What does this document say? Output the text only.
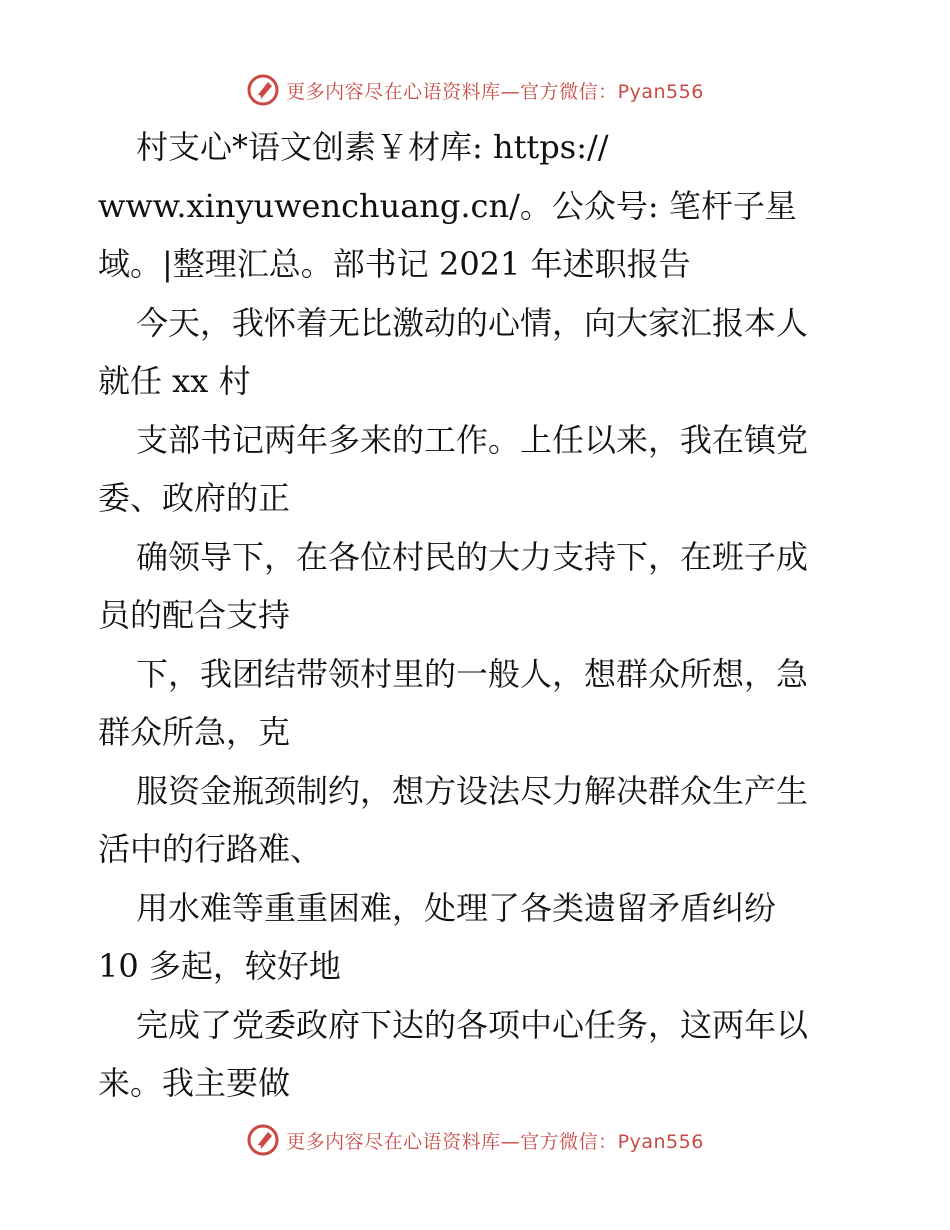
更多内容尽在心语资料库—官方微信：Pyan556
村支心*语文创素￥材库: https://
www.xinyuwenchuang.cn/。公众号: 笔杆子星
域。|整理汇总。部书记 2021 年述职报告
今天，我怀着无比激动的心情，向大家汇报本人
就任 xx 村
支部书记两年多来的工作。上任以来，我在镇党
委、政府的正
确领导下，在各位村民的大力支持下，在班子成
员的配合支持
下，我团结带领村里的一般人，想群众所想，急
群众所急，克
服资金瓶颈制约，想方设法尽力解决群众生产生
活中的行路难、
用水难等重重困难，处理了各类遗留矛盾纠纷
10 多起，较好地
完成了党委政府下达的各项中心任务，这两年以
来。我主要做
更多内容尽在心语资料库—官方微信：Pyan556
